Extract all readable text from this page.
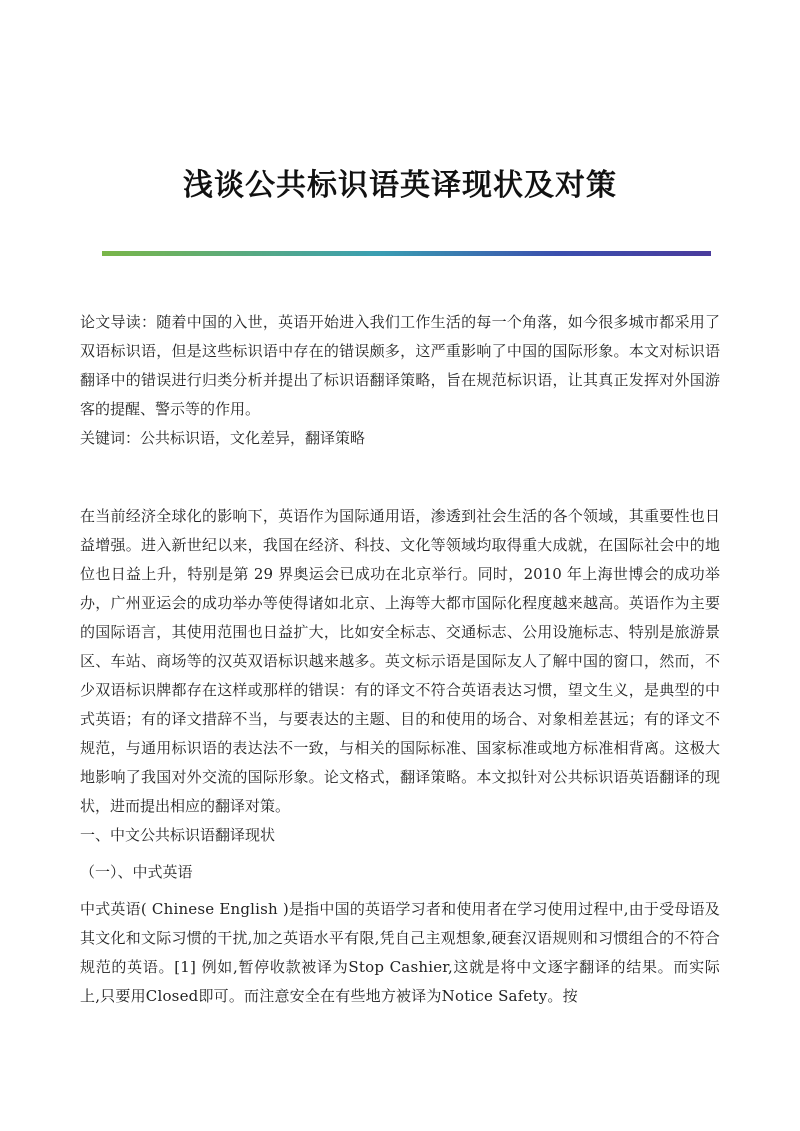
浅谈公共标识语英译现状及对策

论文导读：随着中国的入世，英语开始进入我们工作生活的每一个角落，如今很多城市都采用了双语标识语，但是这些标识语中存在的错误颇多，这严重影响了中国的国际形象。本文对标识语翻译中的错误进行归类分析并提出了标识语翻译策略，旨在规范标识语，让其真正发挥对外国游客的提醒、警示等的作用。

关键词：公共标识语，文化差异，翻译策略

在当前经济全球化的影响下，英语作为国际通用语，渗透到社会生活的各个领域，其重要性也日益增强。进入新世纪以来，我国在经济、科技、文化等领域均取得重大成就，在国际社会中的地位也日益上升，特别是第 29 界奥运会已成功在北京举行。同时，2010 年上海世博会的成功举办，广州亚运会的成功举办等使得诸如北京、上海等大都市国际化程度越来越高。英语作为主要的国际语言，其使用范围也日益扩大，比如安全标志、交通标志、公用设施标志、特别是旅游景区、车站、商场等的汉英双语标识越来越多。英文标示语是国际友人了解中国的窗口，然而，不少双语标识牌都存在这样或那样的错误：有的译文不符合英语表达习惯，望文生义，是典型的中式英语；有的译文措辞不当，与要表达的主题、目的和使用的场合、对象相差甚远；有的译文不规范，与通用标识语的表达法不一致，与相关的国际标准、国家标准或地方标准相背离。这极大地影响了我国对外交流的国际形象。论文格式，翻译策略。本文拟针对公共标识语英语翻译的现状，进而提出相应的翻译对策。

一、中文公共标识语翻译现状

（一）、中式英语

中式英语( Chinese English )是指中国的英语学习者和使用者在学习使用过程中,由于受母语及其文化和文际习惯的干扰,加之英语水平有限,凭自己主观想象,硬套汉语规则和习惯组合的不符合规范的英语。[1] 例如,暂停收款被译为Stop Cashier,这就是将中文逐字翻译的结果。而实际上,只要用Closed即可。而注意安全在有些地方被译为Notice Safety。按
